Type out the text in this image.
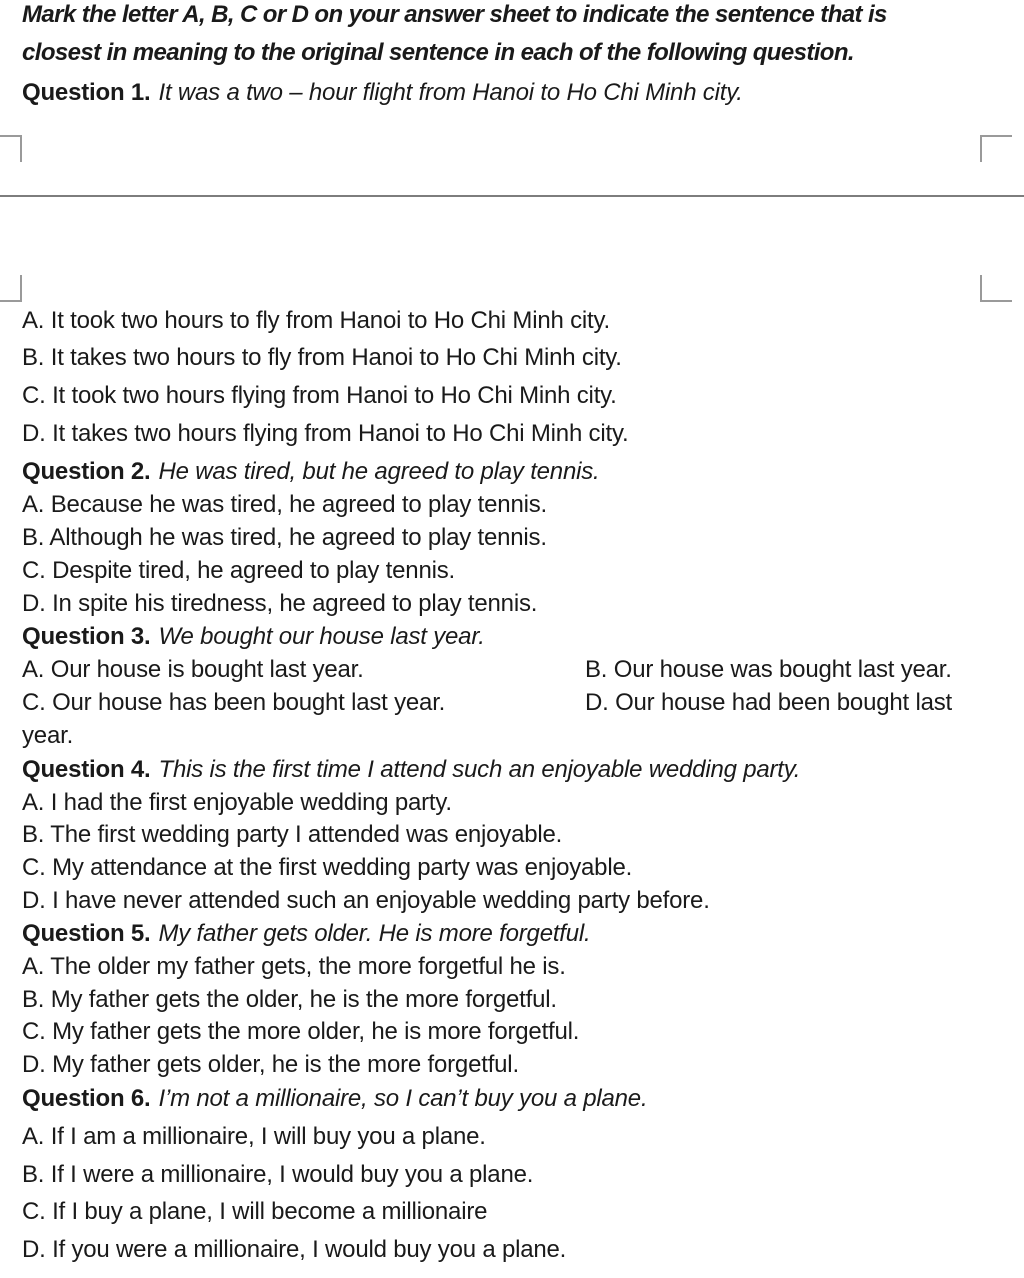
Mark the letter A, B, C or D on your answer sheet to indicate the sentence that is
closest in meaning to the original sentence in each of the following question.
Question 1. It was a two – hour flight from Hanoi to Ho Chi Minh city.
A. It took two hours to fly from Hanoi to Ho Chi Minh city.
B. It takes two hours to fly from Hanoi to Ho Chi Minh city.
C. It took two hours flying from Hanoi to Ho Chi Minh city.
D. It takes two hours flying from Hanoi to Ho Chi Minh city.
Question 2. He was tired, but he agreed to play tennis.
A. Because he was tired, he agreed to play tennis.
B. Although he was tired, he agreed to play tennis.
C. Despite tired, he agreed to play tennis.
D. In spite his tiredness, he agreed to play tennis.
Question 3. We bought our house last year.
A. Our house is bought last year.	B. Our house was bought last year.
C. Our house has been bought last year.	D. Our house had been bought last
year.
Question 4. This is the first time I attend such an enjoyable wedding party.
A. I had the first enjoyable wedding party.
B. The first wedding party I attended was enjoyable.
C. My attendance at the first wedding party was enjoyable.
D. I have never attended such an enjoyable wedding party before.
Question 5. My father gets older. He is more forgetful.
A. The older my father gets, the more forgetful he is.
B. My father gets the older, he is the more forgetful.
C. My father gets the more older, he is more forgetful.
D. My father gets older, he is the more forgetful.
Question 6. I’m not a millionaire, so I can’t buy you a plane.
A. If I am a millionaire, I will buy you a plane.
B. If I were a millionaire, I would buy you a plane.
C. If I buy a plane, I will become a millionaire
D. If you were a millionaire, I would buy you a plane.
